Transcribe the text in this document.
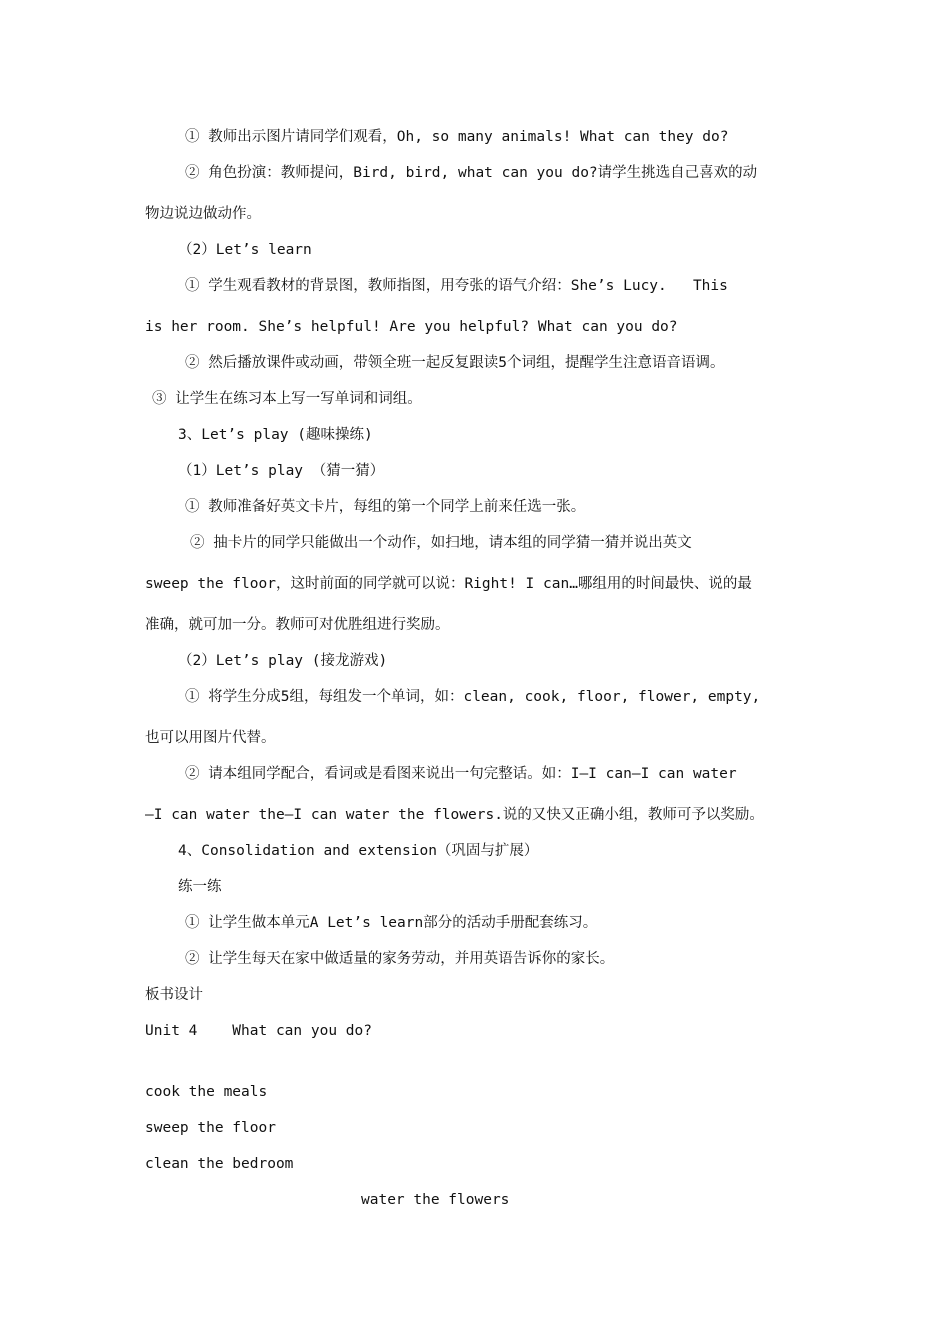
① 教师出示图片请同学们观看，Oh, so many animals! What can they do?
② 角色扮演：教师提问，Bird, bird, what can you do?请学生挑选自己喜欢的动
物边说边做动作。
（2）Let’s learn
① 学生观看教材的背景图，教师指图，用夸张的语气介绍：She’s Lucy.   This
is her room. She’s helpful! Are you helpful? What can you do?
② 然后播放课件或动画，带领全班一起反复跟读5个词组，提醒学生注意语音语调。
③ 让学生在练习本上写一写单词和词组。
3、Let’s play (趣味操练)
（1）Let’s play （猜一猜）
① 教师准备好英文卡片，每组的第一个同学上前来任选一张。
② 抽卡片的同学只能做出一个动作，如扫地，请本组的同学猜一猜并说出英文
sweep the floor，这时前面的同学就可以说：Right! I can…哪组用的时间最快、说的最
准确，就可加一分。教师可对优胜组进行奖励。
（2）Let’s play (接龙游戏)
① 将学生分成5组，每组发一个单词，如：clean, cook, floor, flower, empty,
也可以用图片代替。
② 请本组同学配合，看词或是看图来说出一句完整话。如：I—I can—I can water
—I can water the—I can water the flowers.说的又快又正确小组，教师可予以奖励。
4、Consolidation and extension（巩固与扩展）
练一练
① 让学生做本单元A Let’s learn部分的活动手册配套练习。
② 让学生每天在家中做适量的家务劳动，并用英语告诉你的家长。
板书设计
Unit 4    What can you do?
cook the meals
sweep the floor
clean the bedroom
water the flowers
